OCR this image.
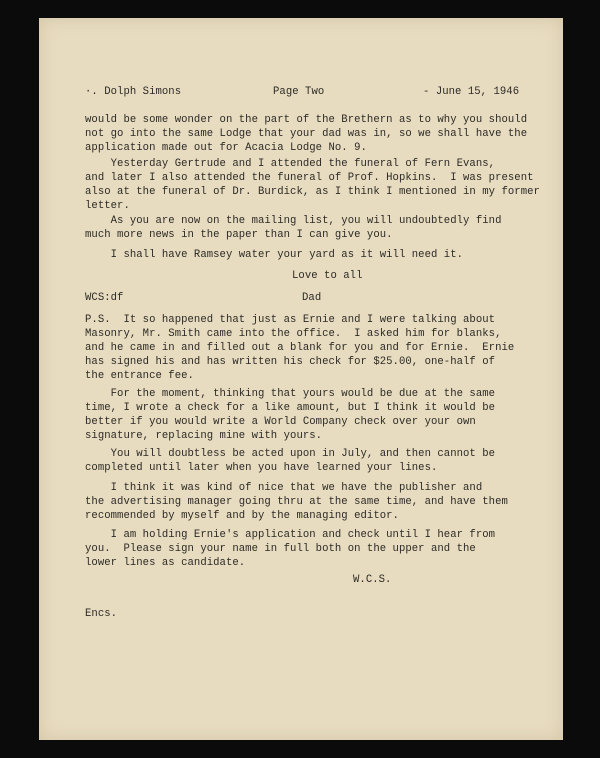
·. Dolph Simons	Page Two	- June 15, 1946

would be some wonder on the part of the Brethern as to why you should
not go into the same Lodge that your dad was in, so we shall have the
application made out for Acacia Lodge No. 9.

Yesterday Gertrude and I attended the funeral of Fern Evans,
and later I also attended the funeral of Prof. Hopkins.  I was present
also at the funeral of Dr. Burdick, as I think I mentioned in my former
letter.

As you are now on the mailing list, you will undoubtedly find
much more news in the paper than I can give you.

I shall have Ramsey water your yard as it will need it.

Love to all

WCS:df	Dad

P.S.  It so happened that just as Ernie and I were talking about
Masonry, Mr. Smith came into the office.  I asked him for blanks,
and he came in and filled out a blank for you and for Ernie.  Ernie
has signed his and has written his check for $25.00, one-half of
the entrance fee.

For the moment, thinking that yours would be due at the same
time, I wrote a check for a like amount, but I think it would be
better if you would write a World Company check over your own
signature, replacing mine with yours.

You will doubtless be acted upon in July, and then cannot be
completed until later when you have learned your lines.

I think it was kind of nice that we have the publisher and
the advertising manager going thru at the same time, and have them
recommended by myself and by the managing editor.

I am holding Ernie's application and check until I hear from
you.  Please sign your name in full both on the upper and the
lower lines as candidate.

W.C.S.

Encs.
